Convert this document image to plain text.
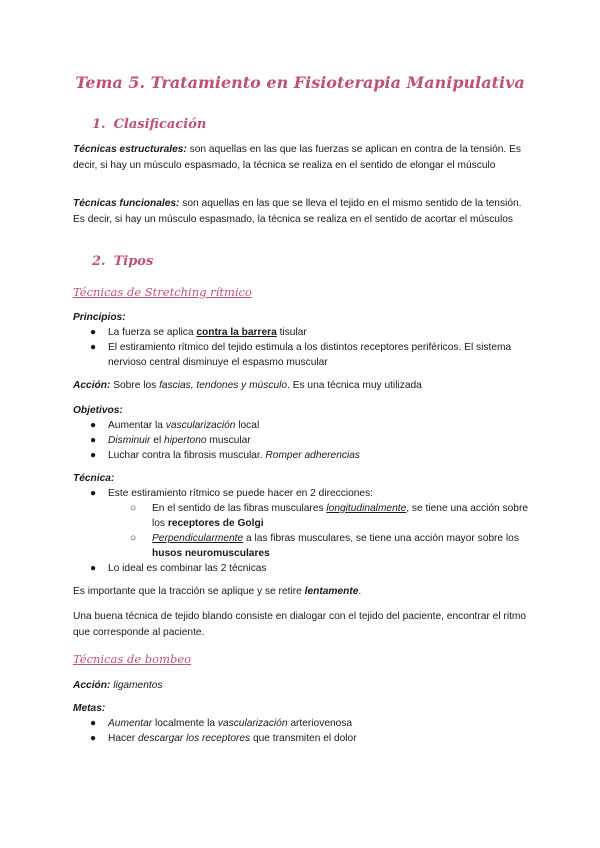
Tema 5. Tratamiento en Fisioterapia Manipulativa
1. Clasificación
Técnicas estructurales: son aquellas en las que las fuerzas se aplican en contra de la tensión. Es decir, si hay un músculo espasmado, la técnica se realiza en el sentido de elongar el músculo
Técnicas funcionales: son aquellas en las que se lleva el tejido en el mismo sentido de la tensión. Es decir, si hay un músculo espasmado, la técnica se realiza en el sentido de acortar el músculos
2. Tipos
Técnicas de Stretching rítmico
Principios:
● La fuerza se aplica contra la barrera tisular
● El estiramiento rítmico del tejido estimula a los distintos receptores periféricos. El sistema nervioso central disminuye el espasmo muscular
Acción: Sobre los fascias, tendones y músculo. Es una técnica muy utilizada
Objetivos:
● Aumentar la vascularización local
● Disminuir el hipertono muscular
● Luchar contra la fibrosis muscular. Romper adherencias
Técnica:
● Este estiramiento rítmico se puede hacer en 2 direcciones:
○ En el sentido de las fibras musculares longitudinalmente, se tiene una acción sobre los receptores de Golgi
○ Perpendicularmente a las fibras musculares, se tiene una acción mayor sobre los husos neuromusculares
● Lo ideal es combinar las 2 técnicas
Es importante que la tracción se aplique y se retire lentamente.
Una buena técnica de tejido blando consiste en dialogar con el tejido del paciente, encontrar el ritmo que corresponde al paciente.
Técnicas de bombeo
Acción: ligamentos
Metas:
● Aumentar localmente la vascularización arteriovenosa
● Hacer descargar los receptores que transmiten el dolor
